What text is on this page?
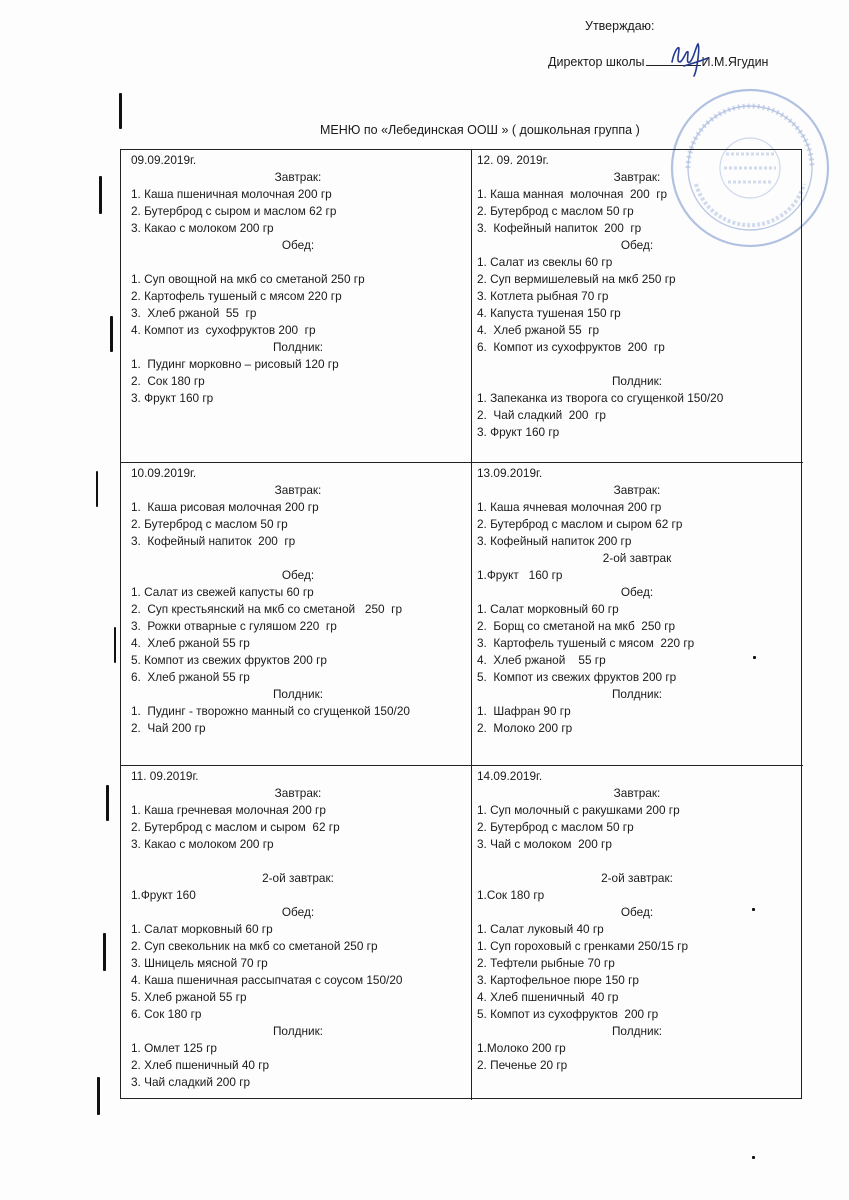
Утверждаю:
Директор школы	И.М.Ягудин
МЕНЮ по «Лебединская ООШ » ( дошкольная группа )
09.09.2019г.
Завтрак:
1. Каша пшеничная молочная 200 гр
2. Бутерброд с сыром и маслом 62 гр
3. Какао с молоком 200 гр
Обед:
1. Суп овощной на мкб со сметаной 250 гр
2. Картофель тушеный с мясом 220 гр
3.  Хлеб ржаной  55  гр
4. Компот из  сухофруктов 200  гр
Полдник:
1.  Пудинг морковно – рисовый 120 гр
2.  Сок 180 гр
3. Фрукт 160 гр
12. 09. 2019г.
Завтрак:
1. Каша манная  молочная  200  гр
2. Бутерброд с маслом 50 гр
3.  Кофейный напиток  200  гр
Обед:
1. Салат из свеклы 60 гр
2. Суп вермишелевый на мкб 250 гр
3. Котлета рыбная 70 гр
4. Капуста тушеная 150 гр
4.  Хлеб ржаной 55  гр
6.  Компот из сухофруктов  200  гр
Полдник:
1. Запеканка из творога со сгущенкой 150/20
2.  Чай сладкий  200  гр
3. Фрукт 160 гр
10.09.2019г.
Завтрак:
1.  Каша рисовая молочная 200 гр
2. Бутерброд с маслом 50 гр
3.  Кофейный напиток  200  гр
Обед:
1. Салат из свежей капусты 60 гр
2.  Суп крестьянский на мкб со сметаной   250  гр
3.  Рожки отварные с гуляшом 220  гр
4.  Хлеб ржаной 55 гр
5. Компот из свежих фруктов 200 гр
6.  Хлеб ржаной 55 гр
Полдник:
1.  Пудинг - творожно манный со сгущенкой 150/20
2.  Чай 200 гр
13.09.2019г.
Завтрак:
1. Каша ячневая молочная 200 гр
2. Бутерброд с маслом и сыром 62 гр
3. Кофейный напиток 200 гр
2-ой завтрак
1.Фрукт   160 гр
Обед:
1. Салат морковный 60 гр
2.  Борщ со сметаной на мкб  250 гр
3.  Картофель тушеный с мясом  220 гр
4.  Хлеб ржаной    55 гр
5.  Компот из свежих фруктов 200 гр
Полдник:
1.  Шафран 90 гр
2.  Молоко 200 гр
11. 09.2019г.
Завтрак:
1. Каша гречневая молочная 200 гр
2. Бутерброд с маслом и сыром  62 гр
3. Какао с молоком 200 гр
2-ой завтрак:
1.Фрукт 160
Обед:
1. Салат морковный 60 гр
2. Суп свекольник на мкб со сметаной 250 гр
3. Шницель мясной 70 гр
4. Каша пшеничная рассыпчатая с соусом 150/20
5. Хлеб ржаной 55 гр
6. Сок 180 гр
Полдник:
1. Омлет 125 гр
2. Хлеб пшеничный 40 гр
3. Чай сладкий 200 гр
14.09.2019г.
Завтрак:
1. Суп молочный с ракушками 200 гр
2. Бутерброд с маслом 50 гр
3. Чай с молоком  200 гр
2-ой завтрак:
1.Сок 180 гр
Обед:
1. Салат луковый 40 гр
1. Суп гороховый с гренками 250/15 гр
2. Тефтели рыбные 70 гр
3. Картофельное пюре 150 гр
4. Хлеб пшеничный  40 гр
5. Компот из сухофруктов  200 гр
Полдник:
1.Молоко 200 гр
2. Печенье 20 гр
